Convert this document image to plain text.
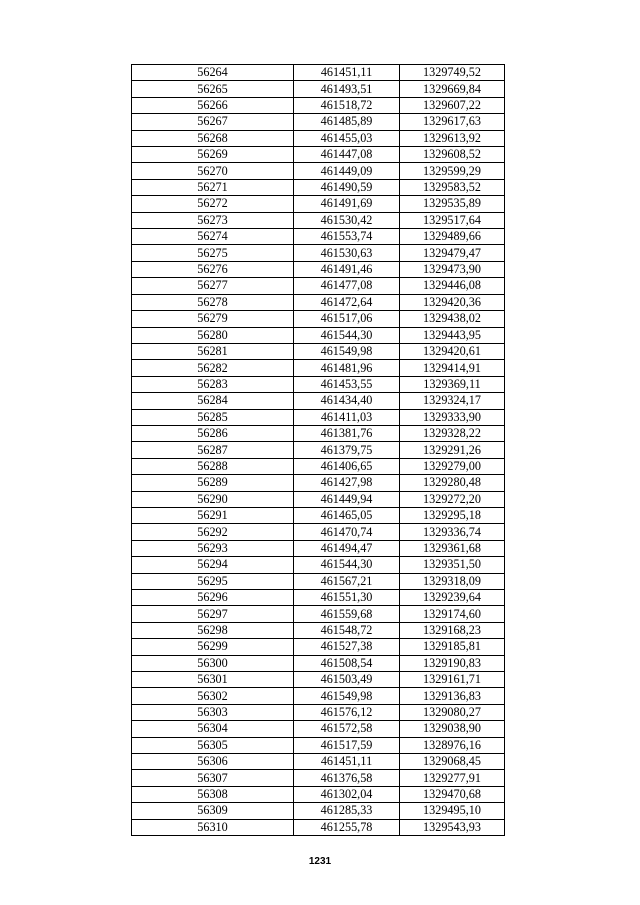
56264	461451,11	1329749,52
56265	461493,51	1329669,84
56266	461518,72	1329607,22
56267	461485,89	1329617,63
56268	461455,03	1329613,92
56269	461447,08	1329608,52
56270	461449,09	1329599,29
56271	461490,59	1329583,52
56272	461491,69	1329535,89
56273	461530,42	1329517,64
56274	461553,74	1329489,66
56275	461530,63	1329479,47
56276	461491,46	1329473,90
56277	461477,08	1329446,08
56278	461472,64	1329420,36
56279	461517,06	1329438,02
56280	461544,30	1329443,95
56281	461549,98	1329420,61
56282	461481,96	1329414,91
56283	461453,55	1329369,11
56284	461434,40	1329324,17
56285	461411,03	1329333,90
56286	461381,76	1329328,22
56287	461379,75	1329291,26
56288	461406,65	1329279,00
56289	461427,98	1329280,48
56290	461449,94	1329272,20
56291	461465,05	1329295,18
56292	461470,74	1329336,74
56293	461494,47	1329361,68
56294	461544,30	1329351,50
56295	461567,21	1329318,09
56296	461551,30	1329239,64
56297	461559,68	1329174,60
56298	461548,72	1329168,23
56299	461527,38	1329185,81
56300	461508,54	1329190,83
56301	461503,49	1329161,71
56302	461549,98	1329136,83
56303	461576,12	1329080,27
56304	461572,58	1329038,90
56305	461517,59	1328976,16
56306	461451,11	1329068,45
56307	461376,58	1329277,91
56308	461302,04	1329470,68
56309	461285,33	1329495,10
56310	461255,78	1329543,93
1231
